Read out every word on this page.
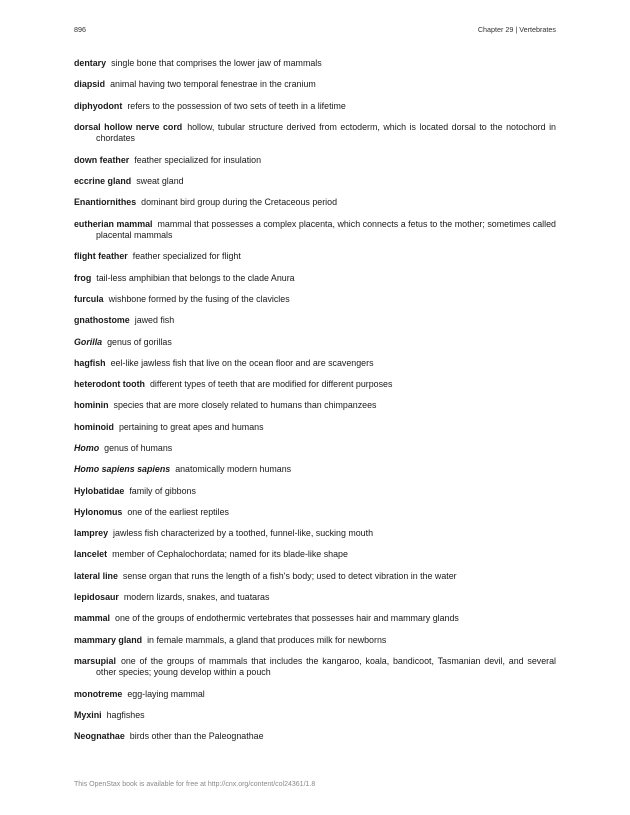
896	Chapter 29 | Vertebrates
dentary single bone that comprises the lower jaw of mammals
diapsid animal having two temporal fenestrae in the cranium
diphyodont refers to the possession of two sets of teeth in a lifetime
dorsal hollow nerve cord hollow, tubular structure derived from ectoderm, which is located dorsal to the notochord in chordates
down feather feather specialized for insulation
eccrine gland sweat gland
Enantiornithes dominant bird group during the Cretaceous period
eutherian mammal mammal that possesses a complex placenta, which connects a fetus to the mother; sometimes called placental mammals
flight feather feather specialized for flight
frog tail-less amphibian that belongs to the clade Anura
furcula wishbone formed by the fusing of the clavicles
gnathostome jawed fish
Gorilla genus of gorillas
hagfish eel-like jawless fish that live on the ocean floor and are scavengers
heterodont tooth different types of teeth that are modified for different purposes
hominin species that are more closely related to humans than chimpanzees
hominoid pertaining to great apes and humans
Homo genus of humans
Homo sapiens sapiens anatomically modern humans
Hylobatidae family of gibbons
Hylonomus one of the earliest reptiles
lamprey jawless fish characterized by a toothed, funnel-like, sucking mouth
lancelet member of Cephalochordata; named for its blade-like shape
lateral line sense organ that runs the length of a fish's body; used to detect vibration in the water
lepidosaur modern lizards, snakes, and tuataras
mammal one of the groups of endothermic vertebrates that possesses hair and mammary glands
mammary gland in female mammals, a gland that produces milk for newborns
marsupial one of the groups of mammals that includes the kangaroo, koala, bandicoot, Tasmanian devil, and several other species; young develop within a pouch
monotreme egg-laying mammal
Myxini hagfishes
Neognathae birds other than the Paleognathae
This OpenStax book is available for free at http://cnx.org/content/col24361/1.8
